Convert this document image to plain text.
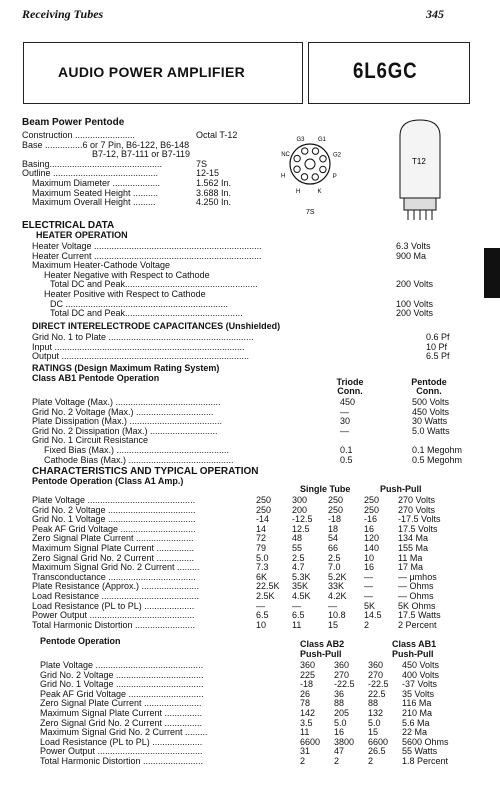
Receiving Tubes	345
AUDIO POWER AMPLIFIER	6L6GC
Beam Power Pentode
Construction ........................	Octal T-12
Base ...............6 or 7 Pin, B6-122, B6-148
B7-12, B7-111 or B7-119
Basing.............................................	7S
Outline ..........................................	12-15
Maximum Diameter ...................	1.562 In.
Maximum Seated Height ..........	3.688 In.
Maximum Overall Height .........	4.250 In.
G3 G1
G2
P
K
H
H
NC
7S
T12
ELECTRICAL DATA
HEATER OPERATION
Heater Voltage ...................................................................	6.3 Volts
Heater Current ...................................................................	900 Ma
Maximum Heater-Cathode Voltage
Heater Negative with Respect to Cathode
Total DC and Peak.....................................................	200 Volts
Heater Positive with Respect to Cathode
DC .................................................................	100 Volts
Total DC and Peak...............................................	200 Volts
DIRECT INTERELECTRODE CAPACITANCES (Unshielded)
Grid No. 1 to Plate ..........................................................	0.6 Pf
Input ............................................................................	10 Pf
Output ...........................................................................	6.5 Pf
RATINGS (Design Maximum Rating System)
Class AB1 Pentode Operation	Triode Conn.
Pentode Conn.
Plate Voltage (Max.) ..........................................	450	500 Volts
Grid No. 2 Voltage (Max.) ...............................	—	450 Volts
Plate Dissipation (Max.) .....................................	30	30 Watts
Grid No. 2 Dissipation (Max.) ...........................	—	5.0 Watts
Grid No. 1 Circuit Resistance
Fixed Bias (Max.) .............................................	0.1	0.1 Megohm
Cathode Bias (Max.) ..........................................	0.5	0.5 Megohm
CHARACTERISTICS AND TYPICAL OPERATION
Pentode Operation (Class A1 Amp.)
Single Tube	Push-Pull
Plate Voltage ...........................................	250 300 250 250 270 Volts
Grid No. 2 Voltage ...................................	250 200 250 250 270 Volts
Grid No. 1 Voltage ...................................	-14	-12.5 -18	-16 -17.5 Volts
Peak AF Grid Voltage ..............................	14	12.5 18	16	17.5 Volts
Zero Signal Plate Current .......................	72	48	54	120 134 Ma
Maximum Signal Plate Current ...............	79	55	66	140 155 Ma
Zero Signal Grid No. 2 Current ...............	5.0	2.5	2.5	10	11 Ma
Maximum Signal Grid No. 2 Current .........	7.3	4.7	7.0	16	17 Ma
Transconductance ...................................	6K	5.3K 5.2K —	— μmhos
Plate Resistance (Approx.) .......................	22.5K 35K 33K —	— Ohms
Load Resistance .......................................	2.5K 4.5K 4.2K —	— Ohms
Load Resistance (PL to PL) ....................	—	—	—	5K	5K Ohms
Power Output ..........................................	6.5	6.5	10.8 14.5 17.5 Watts
Total Harmonic Distortion ........................	10	11	15	2	2 Percent
Pentode Operation	Class AB2
Push-Pull
Class AB1
Push-Pull
Plate Voltage ...........................................	360 360 360 450 Volts
Grid No. 2 Voltage ...................................	225 270 270 400 Volts
Grid No. 1 Voltage ...................................	-18 -22.5 -22.5 -37 Volts
Peak AF Grid Voltage ..............................	26	36	22.5 35 Volts
Zero Signal Plate Current .......................	78	88	88	116 Ma
Maximum Signal Plate Current ...............	142 205 132 210 Ma
Zero Signal Grid No. 2 Current ...............	3.5 5.0 5.0 5.6 Ma
Maximum Signal Grid No. 2 Current .........	11	16	15	22 Ma
Load Resistance (PL to PL) ....................	6600 3800 6600 5600 Ohms
Power Output ..........................................	31	47	26.5 55 Watts
Total Harmonic Distortion ........................	2	2	2	1.8 Percent
